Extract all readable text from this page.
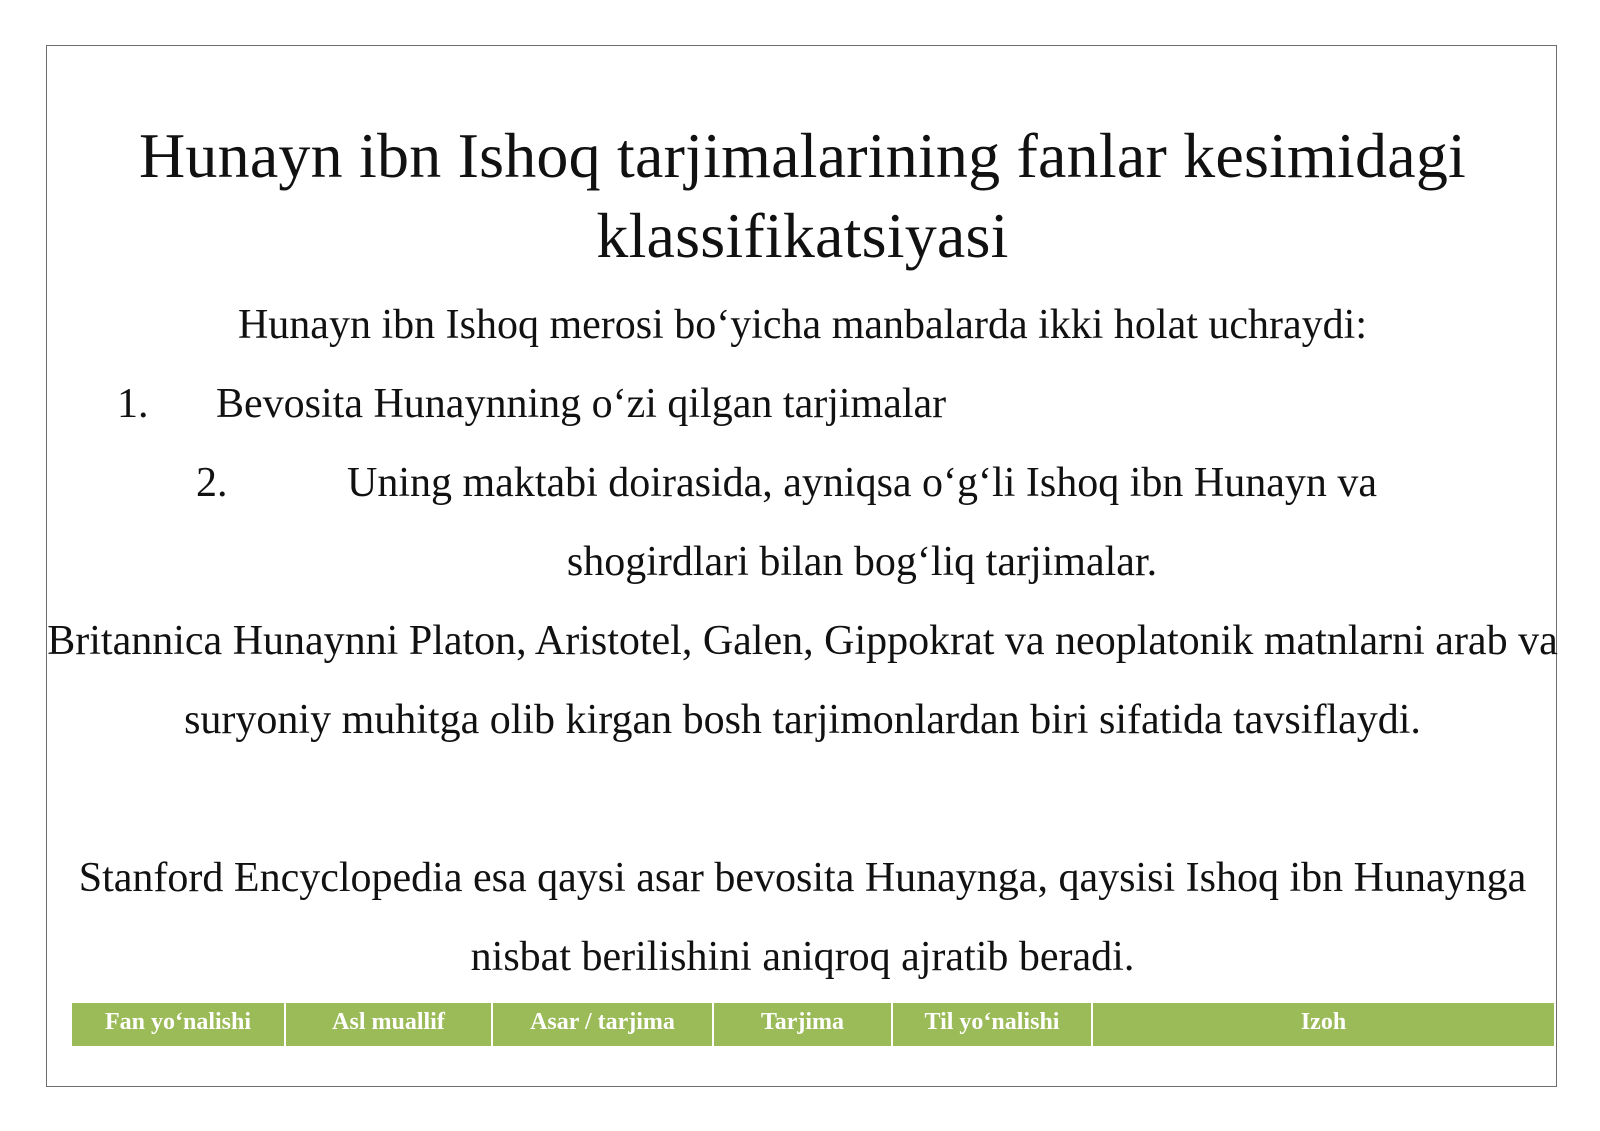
Hunayn ibn Ishoq tarjimalarining fanlar kesimidagi klassifikatsiyasi

Hunayn ibn Ishoq merosi bo‘yicha manbalarda ikki holat uchraydi:

1. Bevosita Hunaynning o‘zi qilgan tarjimalar
2.	Uning maktabi doirasida, ayniqsa o‘g‘li Ishoq ibn Hunayn va shogirdlari bilan bog‘liq tarjimalar.

Britannica Hunaynni Platon, Aristotel, Galen, Gippokrat va neoplatonik matnlarni arab va suryoniy muhitga olib kirgan bosh tarjimonlardan biri sifatida tavsiflaydi.

Stanford Encyclopedia esa qaysi asar bevosita Hunaynga, qaysisi Ishoq ibn Hunaynga nisbat berilishini aniqroq ajratib beradi.

Fan yo‘nalishi	Asl muallif	Asar / tarjima	Tarjima	Til yo‘nalishi	Izoh
